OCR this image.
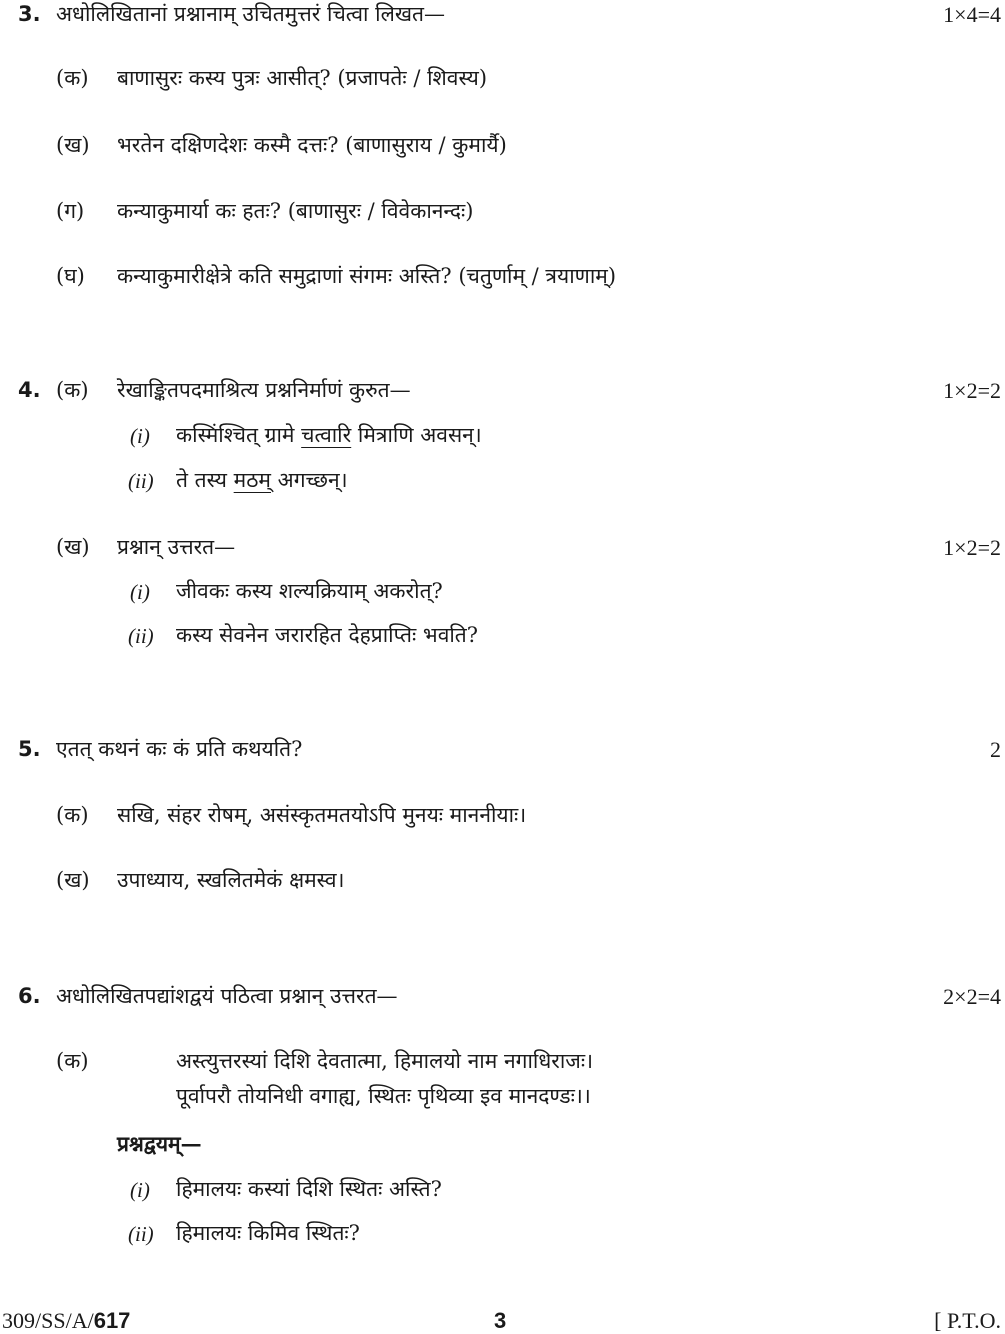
3. अधोलिखितानां प्रश्नानाम् उचितमुत्तरं चित्वा लिखत—	1×4=4
(क)	बाणासुरः कस्य पुत्रः आसीत्? (प्रजापतेः / शिवस्य)
(ख)	भरतेन दक्षिणदेशः कस्मै दत्तः? (बाणासुराय / कुमार्यै)
(ग)	कन्याकुमार्या कः हतः? (बाणासुरः / विवेकानन्दः)
(घ)	कन्याकुमारीक्षेत्रे कति समुद्राणां संगमः अस्ति? (चतुर्णाम् / त्रयाणाम्)
4. (क)	रेखाङ्कितपदमाश्रित्य प्रश्ननिर्माणं कुरुत—	1×2=2
(i) कस्मिंश्चित् ग्रामे चत्वारि मित्राणि अवसन्।
(ii) ते तस्य मठम् अगच्छन्।
(ख)	प्रश्नान् उत्तरत—	1×2=2
(i) जीवकः कस्य शल्यक्रियाम् अकरोत्?
(ii) कस्य सेवनेन जरारहित देहप्राप्तिः भवति?
5. एतत् कथनं कः कं प्रति कथयति?	2
(क)	सखि, संहर रोषम्, असंस्कृतमतयोऽपि मुनयः माननीयाः।
(ख)	उपाध्याय, स्खलितमेकं क्षमस्व।
6. अधोलिखितपद्यांशद्वयं पठित्वा प्रश्नान् उत्तरत—	2×2=4
(क)	अस्त्युत्तरस्यां दिशि देवतात्मा, हिमालयो नाम नगाधिराजः।
पूर्वापरौ तोयनिधी वगाह्य, स्थितः पृथिव्या इव मानदण्डः।।
प्रश्नद्वयम्—
(i) हिमालयः कस्यां दिशि स्थितः अस्ति?
(ii) हिमालयः किमिव स्थितः?
309/SS/A/617	3	[ P.T.O.
